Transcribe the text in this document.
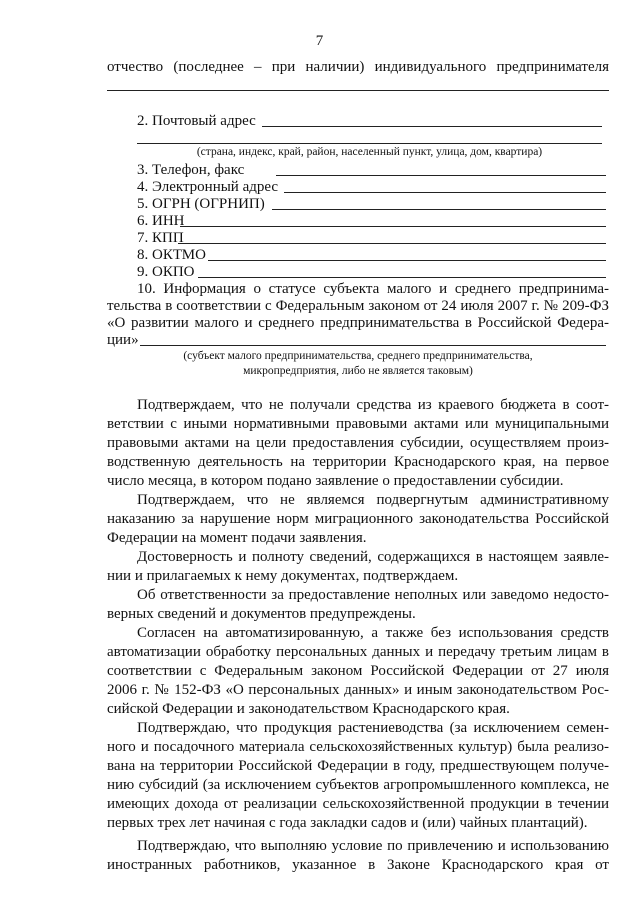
7
отчество (последнее – при наличии) индивидуального предпринимателя
2. Почтовый адрес
(страна, индекс, край, район, населенный пункт, улица, дом, квартира)
3. Телефон, факс
4. Электронный адрес
5. ОГРН (ОГРНИП)
6. ИНН
7. КПП
8. ОКТМО
9. ОКПО
10. Информация о статусе субъекта малого и среднего предпринима-
тельства в соответствии с Федеральным законом от 24 июля 2007 г. № 209-ФЗ
«О развитии малого и среднего предпринимательства в Российской Федера-
ции»
(субъект малого предпринимательства, среднего предпринимательства,
микропредприятия, либо не является таковым)
Подтверждаем, что не получали средства из краевого бюджета в соот-
ветствии с иными нормативными правовыми актами или муниципальными
правовыми актами на цели предоставления субсидии, осуществляем произ-
водственную деятельность на территории Краснодарского края, на первое
число месяца, в котором подано заявление о предоставлении субсидии.
Подтверждаем, что не являемся подвергнутым административному
наказанию за нарушение норм миграционного законодательства Российской
Федерации на момент подачи заявления.
Достоверность и полноту сведений, содержащихся в настоящем заявле-
нии и прилагаемых к нему документах, подтверждаем.
Об ответственности за предоставление неполных или заведомо недосто-
верных сведений и документов предупреждены.
Согласен на автоматизированную, а также без использования средств
автоматизации обработку персональных данных и передачу третьим лицам в
соответствии с Федеральным законом Российской Федерации от 27 июля
2006 г. № 152-ФЗ «О персональных данных» и иным законодательством Рос-
сийской Федерации и законодательством Краснодарского края.
Подтверждаю, что продукция растениеводства (за исключением семен-
ного и посадочного материала сельскохозяйственных культур) была реализо-
вана на территории Российской Федерации в году, предшествующем получе-
нию субсидий (за исключением субъектов агропромышленного комплекса, не
имеющих дохода от реализации сельскохозяйственной продукции в течении
первых трех лет начиная с года закладки садов и (или) чайных плантаций).
Подтверждаю, что выполняю условие по привлечению и использованию
иностранных работников, указанное в Законе Краснодарского края от
